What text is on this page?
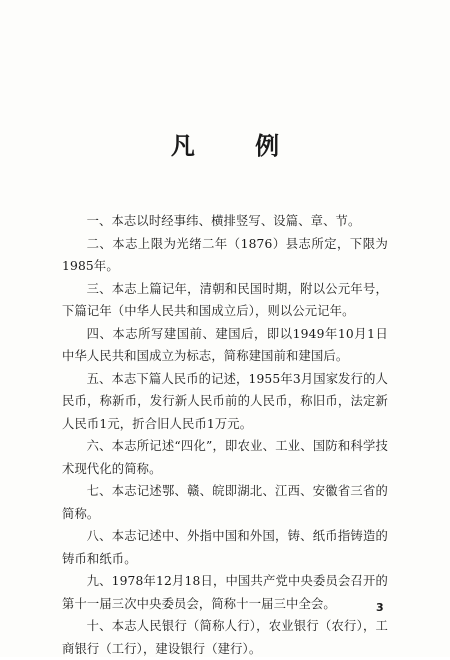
凡 例

一、本志以时经事纬、横排竖写、设篇、章、节。

二、本志上限为光绪二年（1876）县志所定，下限为1985年。

三、本志上篇记年，清朝和民国时期，附以公元年号，下篇记年（中华人民共和国成立后），则以公元记年。

四、本志所写建国前、建国后，即以1949年10月1日中华人民共和国成立为标志，简称建国前和建国后。

五、本志下篇人民币的记述，1955年3月国家发行的人民币，称新币，发行新人民币前的人民币，称旧币，法定新人民币1元，折合旧人民币1万元。

六、本志所记述“四化”，即农业、工业、国防和科学技术现代化的简称。

七、本志记述鄂、赣、皖即湖北、江西、安徽省三省的简称。

八、本志记述中、外指中国和外国，铸、纸币指铸造的铸币和纸币。

九、1978年12月18日，中国共产党中央委员会召开的第十一届三次中央委员会，简称十一届三中全会。

十、本志人民银行（简称人行），农业银行（农行），工商银行（工行），建设银行（建行）。

3
